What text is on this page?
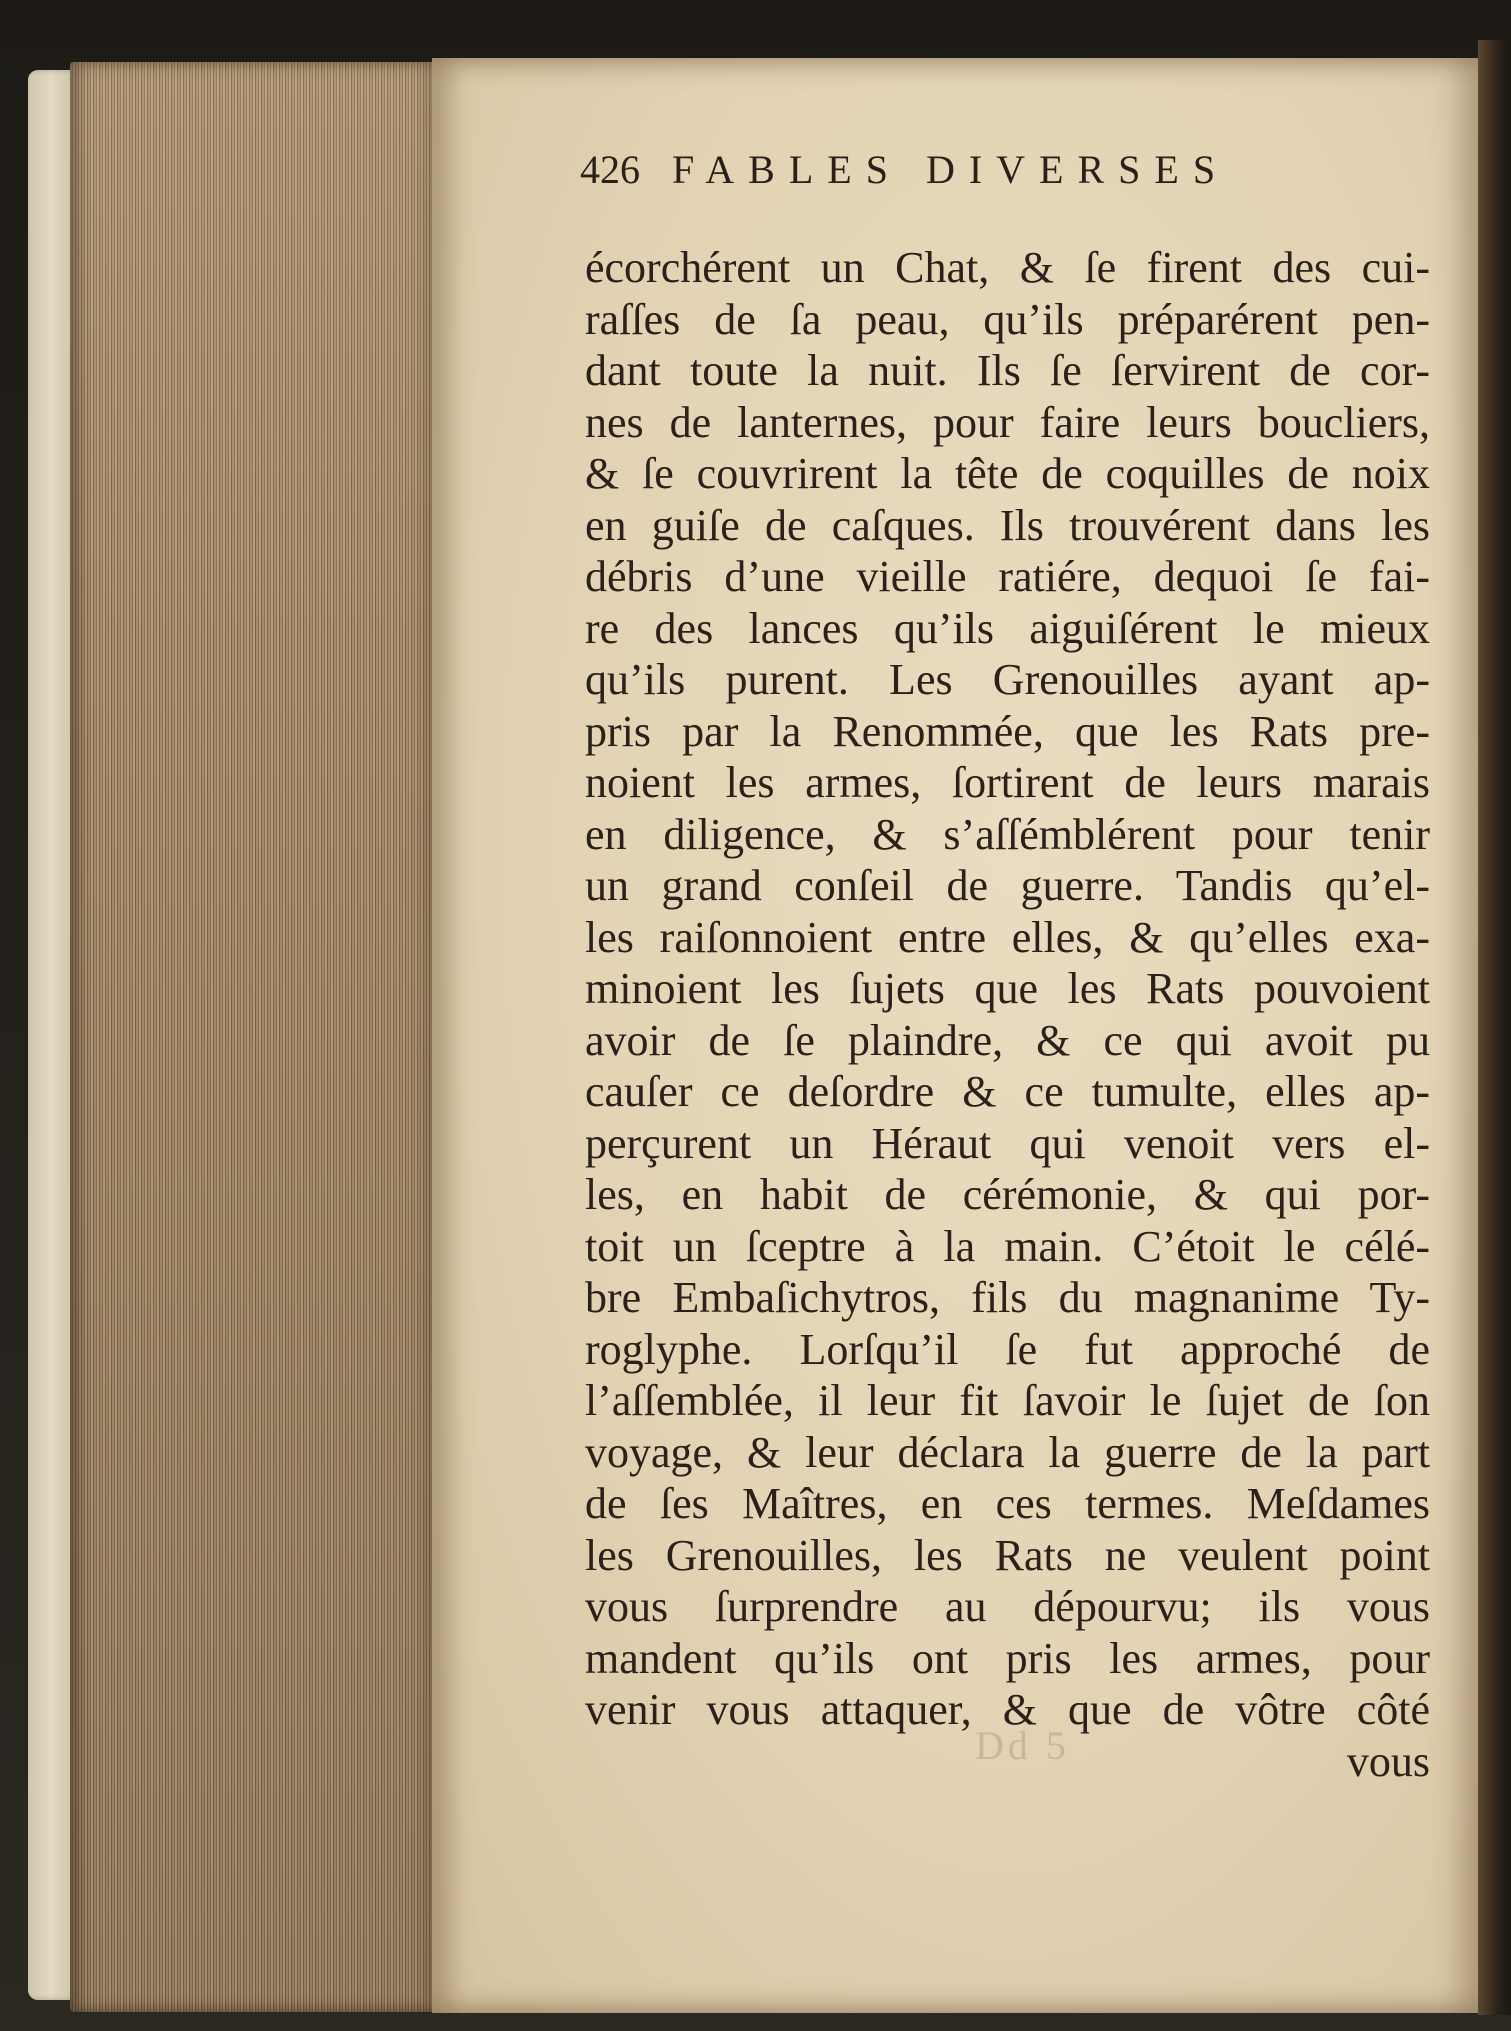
Dd 5
426 FABLES DIVERSES
écorchérent un Chat, & ſe firent des cui-
raſſes de ſa peau, qu’ils préparérent pen-
dant toute la nuit. Ils ſe ſervirent de cor-
nes de lanternes, pour faire leurs boucliers,
& ſe couvrirent la tête de coquilles de noix
en guiſe de caſques. Ils trouvérent dans les
débris d’une vieille ratiére, dequoi ſe fai-
re des lances qu’ils aiguiſérent le mieux
qu’ils purent. Les Grenouilles ayant ap-
pris par la Renommée, que les Rats pre-
noient les armes, ſortirent de leurs marais
en diligence, & s’aſſémblérent pour tenir
un grand conſeil de guerre. Tandis qu’el-
les raiſonnoient entre elles, & qu’elles exa-
minoient les ſujets que les Rats pouvoient
avoir de ſe plaindre, & ce qui avoit pu
cauſer ce deſordre & ce tumulte, elles ap-
perçurent un Héraut qui venoit vers el-
les, en habit de cérémonie, & qui por-
toit un ſceptre à la main. C’étoit le célé-
bre Embaſichytros, fils du magnanime Ty-
roglyphe. Lorſqu’il ſe fut approché de
l’aſſemblée, il leur fit ſavoir le ſujet de ſon
voyage, & leur déclara la guerre de la part
de ſes Maîtres, en ces termes. Meſdames
les Grenouilles, les Rats ne veulent point
vous ſurprendre au dépourvu; ils vous
mandent qu’ils ont pris les armes, pour
venir vous attaquer, & que de vôtre côté
vous
